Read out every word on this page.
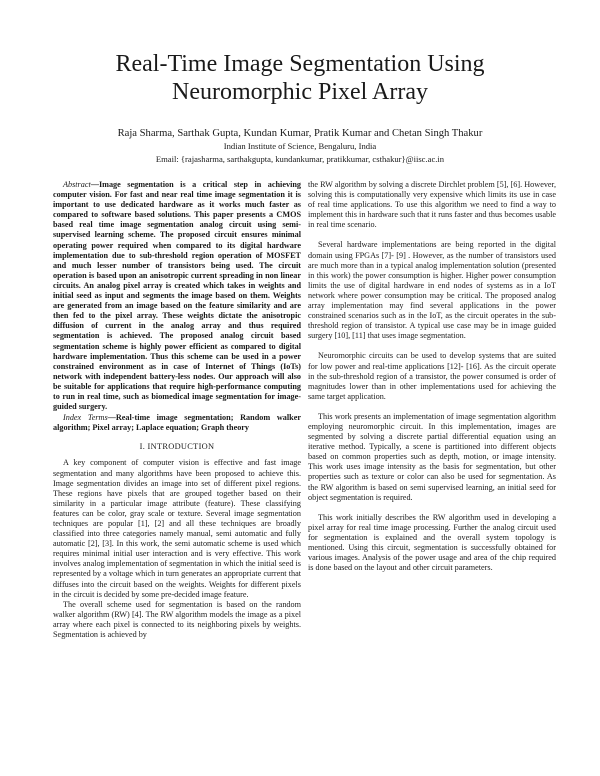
Real-Time Image Segmentation Using
Neuromorphic Pixel Array
Raja Sharma, Sarthak Gupta, Kundan Kumar, Pratik Kumar and Chetan Singh Thakur
Indian Institute of Science, Bengaluru, India
Email: {rajasharma, sarthakgupta, kundankumar, pratikkumar, csthakur}@iisc.ac.in

Abstract—Image segmentation is a critical step in achieving computer vision. For fast and near real time image segmentation it is important to use dedicated hardware as it works much faster as compared to software based solutions. This paper presents a CMOS based real time image segmentation analog circuit using semi-supervised learning scheme. The proposed circuit ensures minimal operating power required when compared to its digital hardware implementation due to sub-threshold region operation of MOSFET and much lesser number of transistors being used. The circuit operation is based upon an anisotropic current spreading in non linear circuits. An analog pixel array is created which takes in weights and initial seed as input and segments the image based on them. Weights are generated from an image based on the feature similarity and are then fed to the pixel array. These weights dictate the anisotropic diffusion of current in the analog array and thus required segmentation is achieved. The proposed analog circuit based segmentation scheme is highly power efficient as compared to digital hardware implementation. Thus this scheme can be used in a power constrained environment as in case of Internet of Things (IoTs) network with independent battery-less nodes. Our approach will also be suitable for applications that require high-performance computing to run in real time, such as biomedical image segmentation for image-guided surgery.

Index Terms—Real-time image segmentation; Random walker algorithm; Pixel array; Laplace equation; Graph theory

I. INTRODUCTION

A key component of computer vision is effective and fast image segmentation and many algorithms have been proposed to achieve this. Image segmentation divides an image into set of different pixel regions. These regions have pixels that are grouped together based on their similarity in a particular image attribute (feature). These classifying features can be color, gray scale or texture. Several image segmentation techniques are popular [1], [2] and all these techniques are broadly classified into three categories namely manual, semi automatic and fully automatic [2], [3]. In this work, the semi automatic scheme is used which requires minimal initial user interaction and is very effective. This work involves analog implementation of segmentation in which the initial seed is represented by a voltage which in turn generates an appropriate current that diffuses into the circuit based on the weights. Weights for different pixels in the circuit is decided by some pre-decided image feature.

The overall scheme used for segmentation is based on the random walker algorithm (RW) [4]. The RW algorithm models the image as a pixel array where each pixel is connected to its neighboring pixels by weights. Segmentation is achieved by

the RW algorithm by solving a discrete Dirchlet problem [5], [6]. However, solving this is computationally very expensive which limits its use in case of real time applications. To use this algorithm we need to find a way to implement this in hardware such that it runs faster and thus becomes usable in real time scenario.

Several hardware implementations are being reported in the digital domain using FPGAs [7]- [9] . However, as the number of transistors used are much more than in a typical analog implementation solution (presented in this work) the power consumption is higher. Higher power consumption limits the use of digital hardware in end nodes of systems as in a IoT network where power consumption may be critical. The proposed analog array implementation may find several applications in the power constrained scenarios such as in the IoT, as the circuit operates in the sub-threshold region of transistor. A typical use case may be in image guided surgery [10], [11] that uses image segmentation.

Neuromorphic circuits can be used to develop systems that are suited for low power and real-time applications [12]- [16]. As the circuit operate in the sub-threshold region of a transistor, the power consumed is order of magnitudes lower than in other implementations used for achieving the same target application.

This work presents an implementation of image segmentation algorithm employing neuromorphic circuit. In this implementation, images are segmented by solving a discrete partial differential equation using an iterative method. Typically, a scene is partitioned into different objects based on common properties such as depth, motion, or image intensity. This work uses image intensity as the basis for segmentation, but other properties such as texture or color can also be used for segmentation. As the RW algorithm is based on semi supervised learning, an initial seed for object segmentation is required.

This work initially describes the RW algorithm used in developing a pixel array for real time image processing. Further the analog circuit used for segmentation is explained and the overall system topology is mentioned. Using this circuit, segmentation is successfully obtained for various images. Analysis of the power usage and area of the chip required is done based on the layout and other circuit parameters.
